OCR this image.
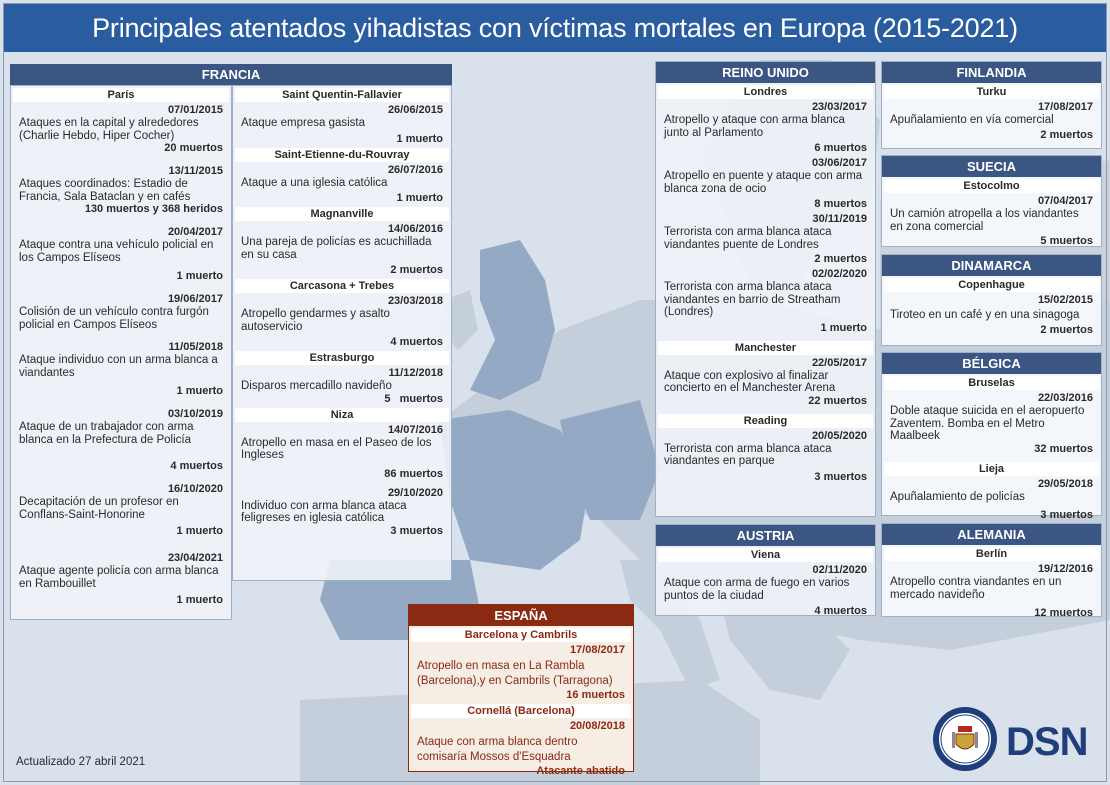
Principales atentados yihadistas con víctimas mortales en Europa (2015-2021)
FRANCIA
París
07/01/2015
Ataques en la capital y alrededores (Charlie Hebdo, Hiper Cocher)
20 muertos
13/11/2015
Ataques coordinados: Estadio de Francia, Sala Bataclan y en cafés
130 muertos y 368 heridos
20/04/2017
Ataque contra una vehículo policial en los Campos Elíseos
1 muerto
19/06/2017
Colisión de un vehículo contra furgón policial en Campos Elíseos
11/05/2018
Ataque individuo con un arma blanca a viandantes
1 muerto
03/10/2019
Ataque de un trabajador con arma blanca en la Prefectura de Policía
4 muertos
16/10/2020
Decapitación de un profesor en Conflans-Saint-Honorine
1 muerto
23/04/2021
Ataque agente policía con arma blanca en Rambouillet
1 muerto
Saint Quentin-Fallavier
26/06/2015
Ataque empresa gasista
1 muerto
Saint-Etienne-du-Rouvray
26/07/2016
Ataque a una iglesia católica
1 muerto
Magnanville
14/06/2016
Una pareja de policías es acuchillada en su casa
2 muertos
Carcasona + Trebes
23/03/2018
Atropello gendarmes y asalto autoservicio
4 muertos
Estrasburgo
11/12/2018
Disparos mercadillo navideño
5   muertos
Niza
14/07/2016
Atropello en masa en el Paseo de los Ingleses
86 muertos
29/10/2020
Individuo con arma blanca ataca feligreses en iglesia católica
3 muertos
REINO UNIDO
Londres
23/03/2017
Atropello y ataque con arma blanca junto al Parlamento
6 muertos
03/06/2017
Atropello en puente y ataque con arma blanca zona de ocio
8 muertos
30/11/2019
Terrorista con arma blanca ataca viandantes puente de Londres
2 muertos
02/02/2020
Terrorista con arma blanca ataca viandantes en barrio de Streatham (Londres)
1 muerto
Manchester
22/05/2017
Ataque con explosivo al finalizar concierto en el Manchester Arena
22 muertos
Reading
20/05/2020
Terrorista con arma blanca ataca viandantes en parque
3 muertos
AUSTRIA
Viena
02/11/2020
Ataque con arma de fuego en varios puntos de la ciudad
4 muertos
FINLANDIA
Turku
17/08/2017
Apuñalamiento en vía comercial
2 muertos
SUECIA
Estocolmo
07/04/2017
Un camión atropella a los viandantes en zona comercial
5 muertos
DINAMARCA
Copenhague
15/02/2015
Tiroteo en un café y en una sinagoga
2 muertos
BÉLGICA
Bruselas
22/03/2016
Doble ataque suicida en el aeropuerto Zaventem. Bomba en el Metro Maalbeek
32 muertos
Lieja
29/05/2018
Apuñalamiento de policías
3 muertos
ALEMANIA
Berlín
19/12/2016
Atropello contra viandantes en un mercado navideño
12 muertos
ESPAÑA
Barcelona y Cambrils
17/08/2017
Atropello en masa en La Rambla (Barcelona),y en Cambrils (Tarragona)
16 muertos
Cornellá (Barcelona)
20/08/2018
Ataque con arma blanca dentro comisaría Mossos d'Esquadra
Atacante abatido
Actualizado 27 abril 2021	DSN
